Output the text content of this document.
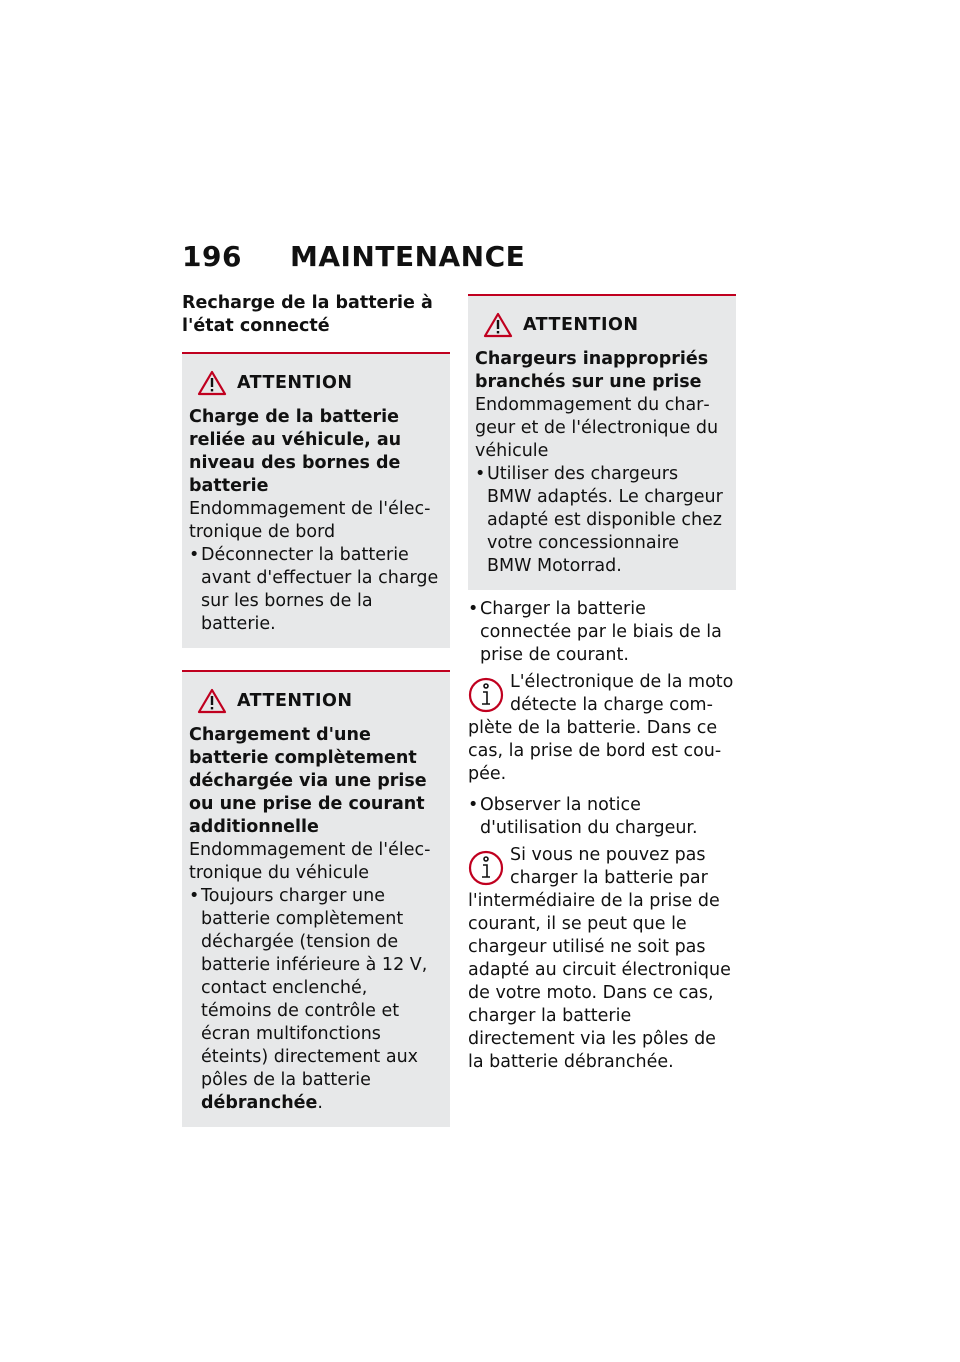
196 MAINTENANCE
Recharge de la batterie à l'état connecté
ATTENTION
Charge de la batterie reliée au véhicule, au niveau des bornes de batterie
Endommagement de l'électronique de bord
• Déconnecter la batterie avant d'effectuer la charge sur les bornes de la batterie.
ATTENTION
Chargement d'une batterie complètement déchargée via une prise ou une prise de courant additionnelle
Endommagement de l'électronique du véhicule
• Toujours charger une batterie complètement déchargée (tension de batterie inférieure à 12 V, contact enclenché, témoins de contrôle et écran multifonctions éteints) directement aux pôles de la batterie débranchée.
ATTENTION
Chargeurs inappropriés branchés sur une prise
Endommagement du chargeur et de l'électronique du véhicule
• Utiliser des chargeurs BMW adaptés. Le chargeur adapté est disponible chez votre concessionnaire BMW Motorrad.
• Charger la batterie connectée par le biais de la prise de courant.
L'électronique de la moto détecte la charge complète de la batterie. Dans ce cas, la prise de bord est coupée.
• Observer la notice d'utilisation du chargeur.
Si vous ne pouvez pas charger la batterie par l'intermédiaire de la prise de courant, il se peut que le chargeur utilisé ne soit pas adapté au circuit électronique de votre moto. Dans ce cas, charger la batterie directement via les pôles de la batterie débranchée.
